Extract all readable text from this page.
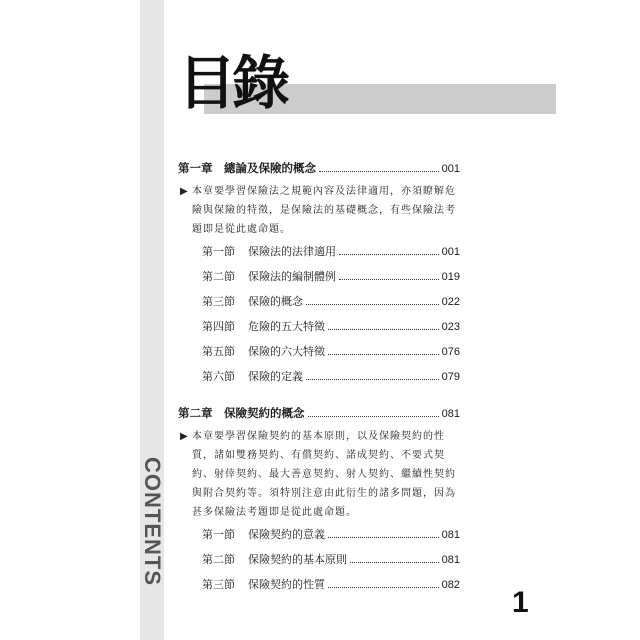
CONTENTS
目錄
第一章　總論及保險的概念	001
▶ 本章要學習保險法之規範內容及法律適用，亦須瞭解危險與保險的特徵，是保險法的基礎概念，有些保險法考題即是從此處命題。
第一節	保險法的法律適用	001
第二節	保險法的編制體例	019
第三節	保險的概念	022
第四節	危險的五大特徵	023
第五節	保險的六大特徵	076
第六節	保險的定義	079
第二章　保險契約的概念	081
▶ 本章要學習保險契約的基本原則，以及保險契約的性質，諸如雙務契約、有償契約、諾成契約、不要式契約、射倖契約、最大善意契約、射人契約、繼續性契約與附合契約等。須特別注意由此衍生的諸多問題，因為甚多保險法考題即是從此處命題。
第一節	保險契約的意義	081
第二節	保險契約的基本原則	081
第三節	保險契約的性質	082
1
